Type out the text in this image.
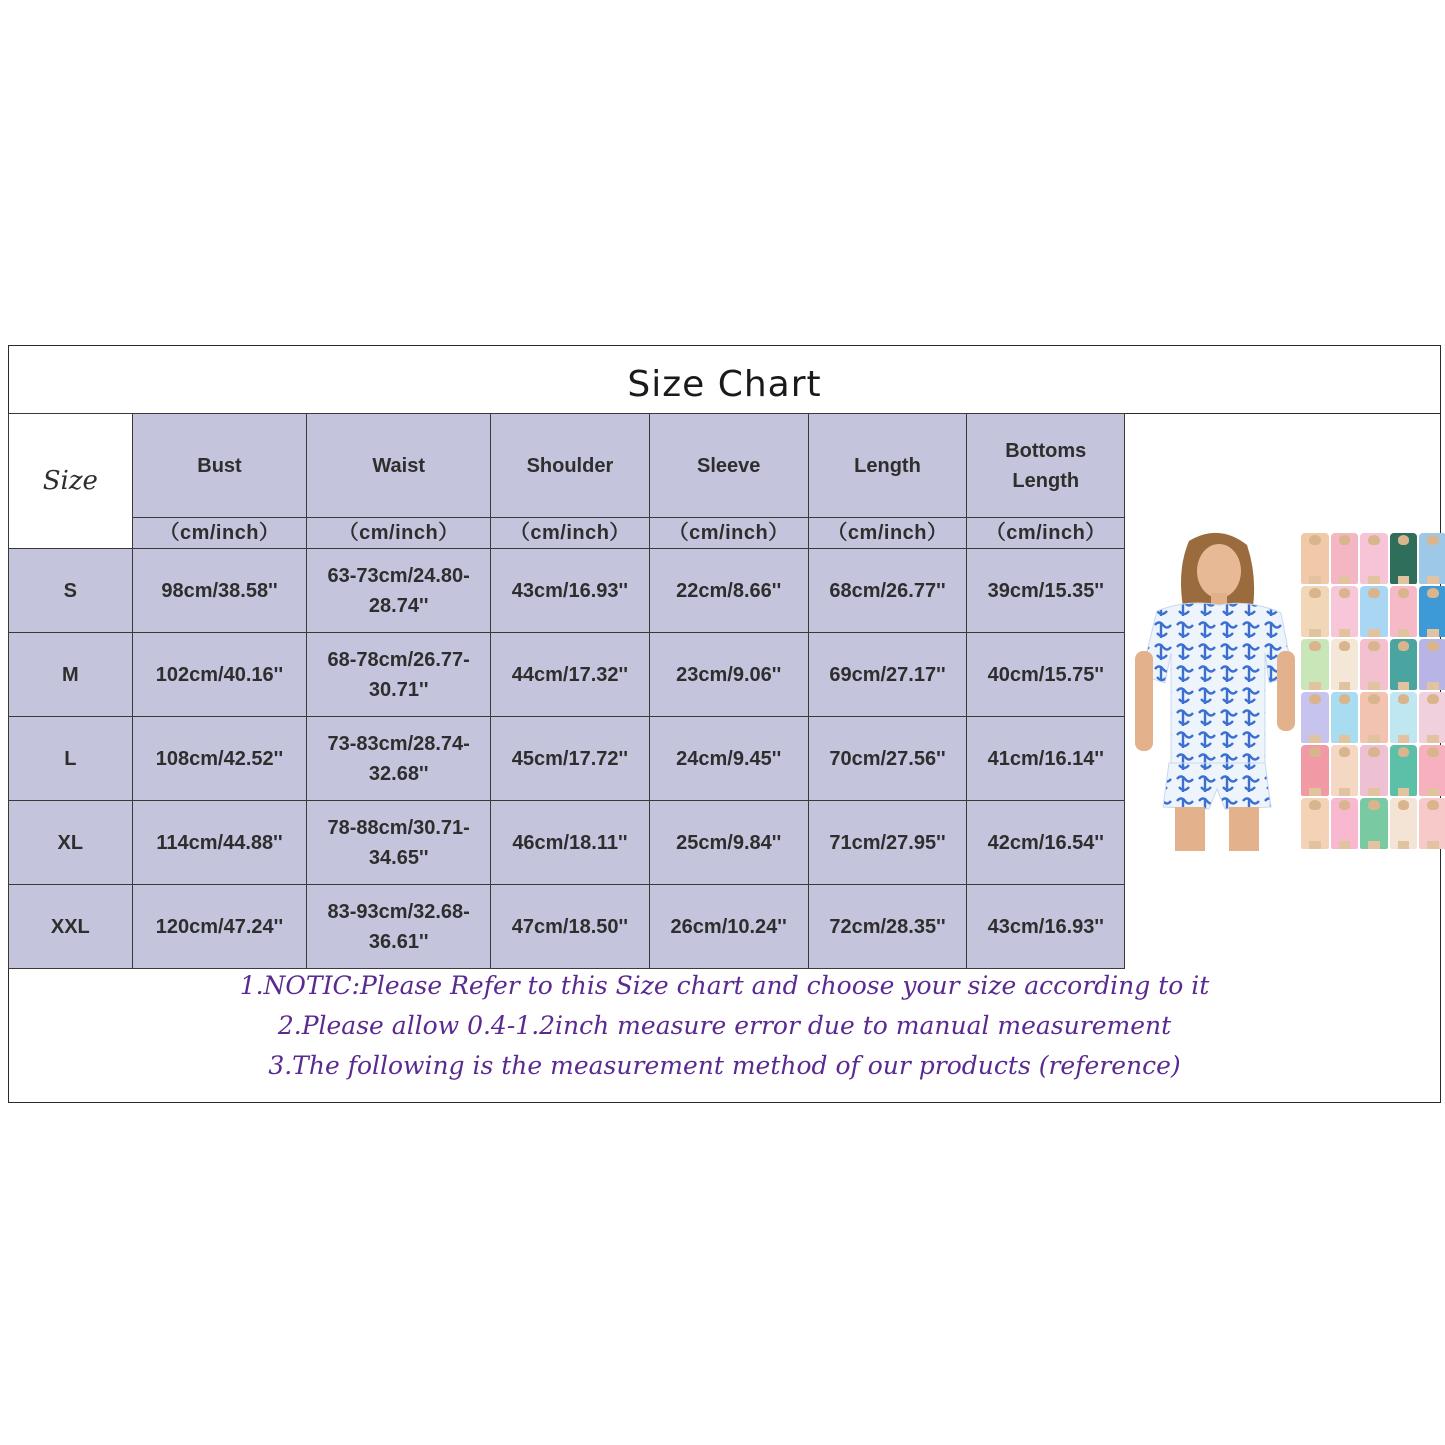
Size Chart
Size	Bust	Waist	Shoulder	Sleeve	Length	Bottoms
Length	

	（cm/inch）	（cm/inch）	（cm/inch）	（cm/inch）	（cm/inch）	（cm/inch）	
S	98cm/38.58''	63-73cm/24.80-
28.74''	43cm/16.93''	22cm/8.66''	68cm/26.77''	39cm/15.35''	
M	102cm/40.16''	68-78cm/26.77-
30.71''	44cm/17.32''	23cm/9.06''	69cm/27.17''	40cm/15.75''	
L	108cm/42.52''	73-83cm/28.74-
32.68''	45cm/17.72''	24cm/9.45''	70cm/27.56''	41cm/16.14''	
XL	114cm/44.88''	78-88cm/30.71-
34.65''	46cm/18.11''	25cm/9.84''	71cm/27.95''	42cm/16.54''	
XXL	120cm/47.24''	83-93cm/32.68-
36.61''	47cm/18.50''	26cm/10.24''	72cm/28.35''	43cm/16.93''	
1.NOTIC:Please Refer to this Size chart and choose your size according to it
2.Please allow 0.4-1.2inch measure error due to manual measurement
3.The following is the measurement method of our products (reference)
